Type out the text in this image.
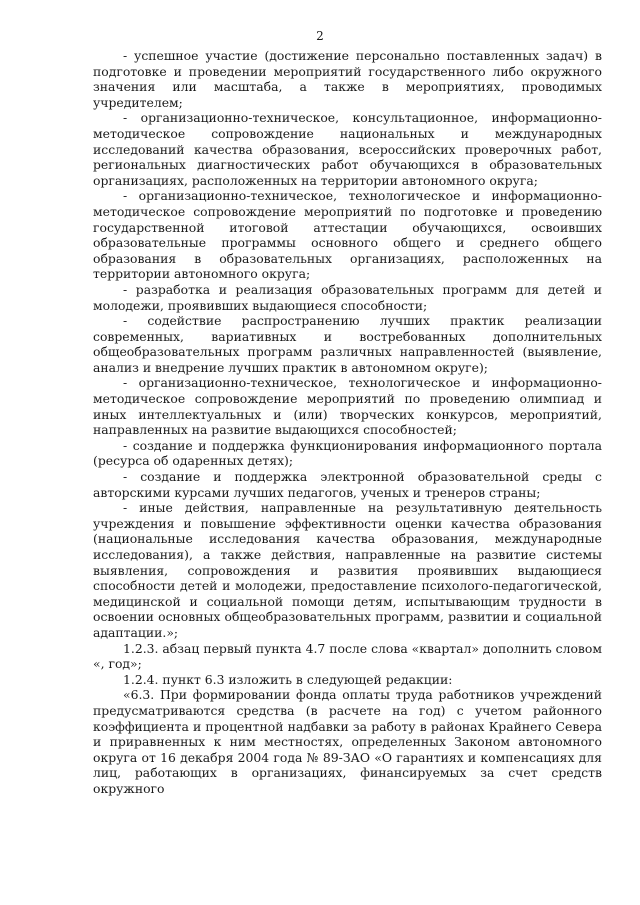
2

- успешное участие (достижение персонально поставленных задач) в подготовке и проведении мероприятий государственного либо окружного значения или масштаба, а также в мероприятиях, проводимых учредителем;

- организационно-техническое, консультационное, информационно-методическое сопровождение национальных и международных исследований качества образования, всероссийских проверочных работ, региональных диагностических работ обучающихся в образовательных организациях, расположенных на территории автономного округа;

- организационно-техническое, технологическое и информационно-методическое сопровождение мероприятий по подготовке и проведению государственной итоговой аттестации обучающихся, освоивших образовательные программы основного общего и среднего общего образования в образовательных организациях, расположенных на территории автономного округа;

- разработка и реализация образовательных программ для детей и молодежи, проявивших выдающиеся способности;

- содействие распространению лучших практик реализации современных, вариативных и востребованных дополнительных общеобразовательных программ различных направленностей (выявление, анализ и внедрение лучших практик в автономном округе);

- организационно-техническое, технологическое и информационно-методическое сопровождение мероприятий по проведению олимпиад и иных интеллектуальных и (или) творческих конкурсов, мероприятий, направленных на развитие выдающихся способностей;

- создание и поддержка функционирования информационного портала (ресурса об одаренных детях);

- создание и поддержка электронной образовательной среды с авторскими курсами лучших педагогов, ученых и тренеров страны;

- иные действия, направленные на результативную деятельность учреждения и повышение эффективности оценки качества образования (национальные исследования качества образования, международные исследования), а также действия, направленные на развитие системы выявления, сопровождения и развития проявивших выдающиеся способности детей и молодежи, предоставление психолого-педагогической, медицинской и социальной помощи детям, испытывающим трудности в освоении основных общеобразовательных программ, развитии и социальной адаптации.»;

1.2.3. абзац первый пункта 4.7 после слова «квартал» дополнить словом «, год»;

1.2.4. пункт 6.3 изложить в следующей редакции:

«6.3. При формировании фонда оплаты труда работников учреждений предусматриваются средства (в расчете на год) с учетом районного коэффициента и процентной надбавки за работу в районах Крайнего Севера и приравненных к ним местностях, определенных Законом автономного округа от 16 декабря 2004 года № 89-ЗАО «О гарантиях и компенсациях для лиц, работающих в организациях, финансируемых за счет средств окружного
